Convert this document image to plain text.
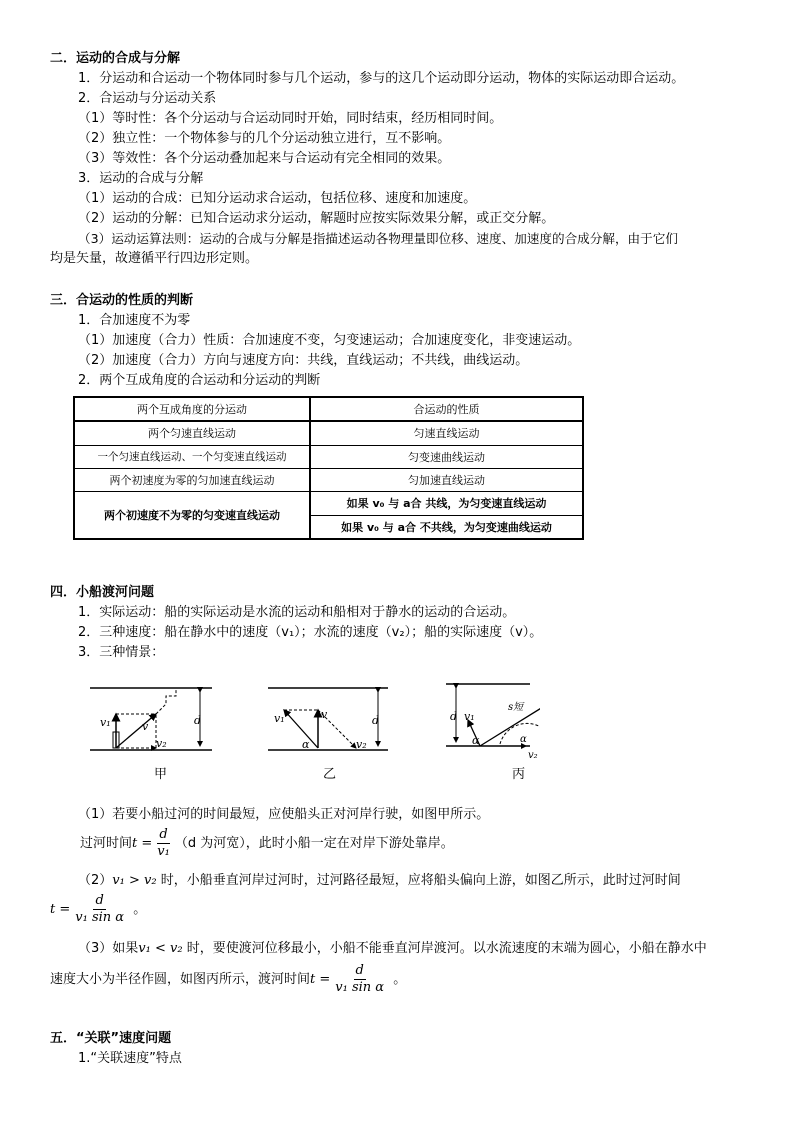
二．运动的合成与分解
1．分运动和合运动一个物体同时参与几个运动，参与的这几个运动即分运动，物体的实际运动即合运动。
2．合运动与分运动关系
（1）等时性：各个分运动与合运动同时开始，同时结束，经历相同时间。
（2）独立性：一个物体参与的几个分运动独立进行，互不影响。
（3）等效性：各个分运动叠加起来与合运动有完全相同的效果。
3．运动的合成与分解
（1）运动的合成：已知分运动求合运动，包括位移、速度和加速度。
（2）运动的分解：已知合运动求分运动，解题时应按实际效果分解，或正交分解。
（3）运动运算法则：运动的合成与分解是指描述运动各物理量即位移、速度、加速度的合成分解，由于它们
均是矢量，故遵循平行四边形定则。
三．合运动的性质的判断
1．合加速度不为零
（1）加速度（合力）性质：合加速度不变，匀变速运动；合加速度变化，非变速运动。
（2）加速度（合力）方向与速度方向：共线，直线运动；不共线，曲线运动。
2．两个互成角度的合运动和分运动的判断
两个互成角度的分运动	合运动的性质
两个匀速直线运动	匀速直线运动
一个匀速直线运动、一个匀变速直线运动	匀变速曲线运动
两个初速度为零的匀加速直线运动	匀加速直线运动
两个初速度不为零的匀变速直线运动	如果 v₀ 与 a合 共线，为匀变速直线运动
	如果 v₀ 与 a合 不共线，为匀变速曲线运动
四．小船渡河问题
1．实际运动：船的实际运动是水流的运动和船相对于静水的运动的合运动。
2．三种速度：船在静水中的速度（v₁）；水流的速度（v₂）；船的实际速度（v）。
3．三种情景：
d
v₁	v
v₂
d
v₁	v
α	v₂
d
s短
v₁
α	α
v₂
甲	乙	丙
（1）若要小船过河的时间最短，应使船头正对河岸行驶，如图甲所示。
过河时间$t = \frac{d}{\text{v₁}} (d$ 为河宽），此时小船一定在对岸下游处靠岸。
（2）v₁ > v₂ 时，小船垂直河岸过河时，过河路径最短，应将船头偏向上游，如图乙所示，此时过河时间
$t = \frac{d}{\text{v₁ sin α}}$ 。
（3）如果v₁ < v₂ 时，要使渡河位移最小，小船不能垂直河岸渡河。以水流速度的末端为圆心，小船在静水中
速度大小为半径作圆，如图丙所示，渡河时间$t = \frac{d}{\text{v₁ sin α}}$ 。
五．“关联”速度问题
1.“关联速度”特点
